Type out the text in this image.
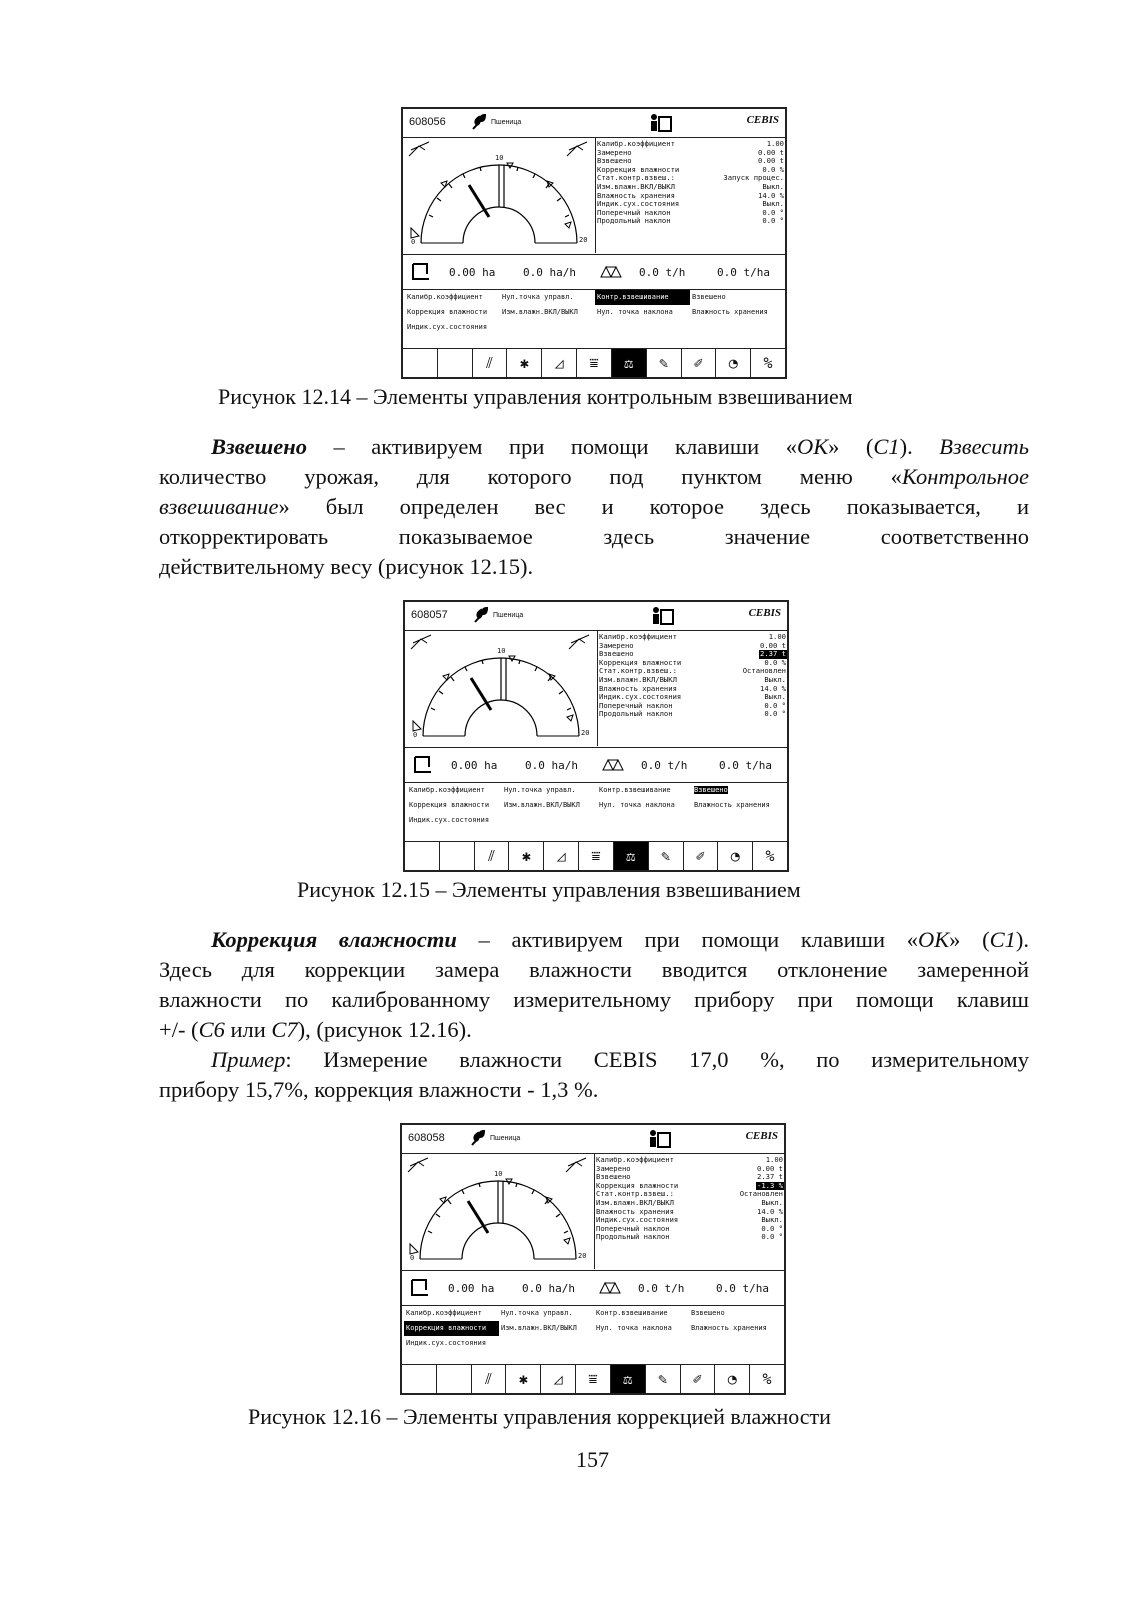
608056	Пшеница	CEBIS
10
20
0
Калибр.коэффициент	1.00
Замерено	0.00 t
Взвешено	0.00 t
Коррекция влажности	0.0 %
Стат.контр.взвеш.:	Запуск процес.
Изм.влажн.ВКЛ/ВЫКЛ	Выкл.
Влажность хранения	14.0 %
Индик.сух.состояния	Выкл.
Поперечный наклон	0.0 °
Продольный наклон	0.0 °
0.00 ha	0.0 ha/h	0.0 t/h	0.0 t/ha
Калибр.коэффициент	Нул.точка управл.	Контр.взвешивание	Взвешено
Коррекция влажности	Изм.влажн.ВКЛ/ВЫКЛ	Нул. точка наклона	Влажность хранения
Индик.сух.состояния
⫽	✱	◿	⩸	⚖	✎	✐	◔	%
Рисунок 12.14 – Элементы управления контрольным взвешиванием
Взвешено – активируем при помощи клавиши «ОК» (С1). Взвесить
количество урожая, для которого под пунктом меню «Контрольное
взвешивание» был определен вес и которое здесь показывается, и
откорректировать показываемое здесь значение соответственно
действительному весу (рисунок 12.15).
608057	Пшеница	CEBIS
10
20
0
Калибр.коэффициент	1.00
Замерено	0.00 t
Взвешено	2.37 t
Коррекция влажности	0.0 %
Стат.контр.взвеш.:	Остановлен
Изм.влажн.ВКЛ/ВЫКЛ	Выкл.
Влажность хранения	14.0 %
Индик.сух.состояния	Выкл.
Поперечный наклон	0.0 °
Продольный наклон	0.0 °
0.00 ha	0.0 ha/h	0.0 t/h	0.0 t/ha
Калибр.коэффициент	Нул.точка управл.	Контр.взвешивание	Взвешено
Коррекция влажности	Изм.влажн.ВКЛ/ВЫКЛ	Нул. точка наклона	Влажность хранения
Индик.сух.состояния
⫽	✱	◿	⩸	⚖	✎	✐	◔	%
Рисунок 12.15 – Элементы управления взвешиванием
Коррекция влажности – активируем при помощи клавиши «ОК» (С1).
Здесь для коррекции замера влажности вводится отклонение замеренной
влажности по калиброванному измерительному прибору при помощи клавиш
+/- (С6 или С7), (рисунок 12.16).
Пример: Измерение влажности CEBIS 17,0 %, по измерительному
прибору 15,7%, коррекция влажности - 1,3 %.
608058	Пшеница	CEBIS
10
20
0
Калибр.коэффициент	1.00
Замерено	0.00 t
Взвешено	2.37 t
Коррекция влажности	-1.3 %
Стат.контр.взвеш.:	Остановлен
Изм.влажн.ВКЛ/ВЫКЛ	Выкл.
Влажность хранения	14.0 %
Индик.сух.состояния	Выкл.
Поперечный наклон	0.0 °
Продольный наклон	0.0 °
0.00 ha	0.0 ha/h	0.0 t/h	0.0 t/ha
Калибр.коэффициент	Нул.точка управл.	Контр.взвешивание	Взвешено
Коррекция влажности	Изм.влажн.ВКЛ/ВЫКЛ	Нул. точка наклона	Влажность хранения
Индик.сух.состояния
⫽	✱	◿	⩸	⚖	✎	✐	◔	%
Рисунок 12.16 – Элементы управления коррекцией влажности
157
